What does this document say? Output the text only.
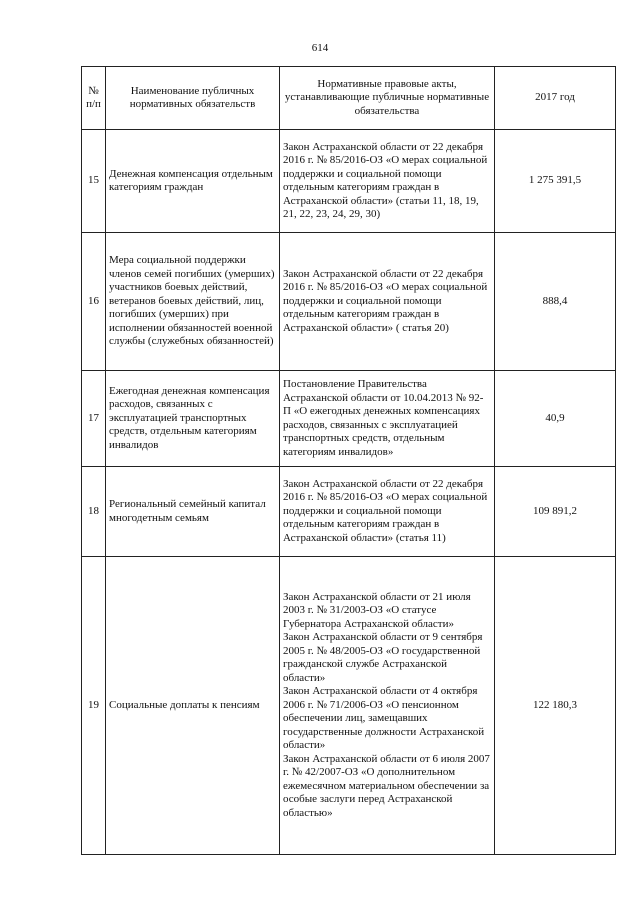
614
№ п/п	Наименование публичных нормативных обязательств	Нормативные правовые акты, устанавливающие публичные нормативные обязательства	2017 год
15	Денежная компенсация отдельным категориям граждан	Закон Астраханской области от 22 декабря 2016 г. № 85/2016-ОЗ «О мерах социальной поддержки и социальной помощи отдельным категориям граждан в Астраханской области» (статьи 11, 18, 19, 21, 22, 23, 24, 29, 30)	1 275 391,5
16	Мера социальной поддержки членов семей погибших (умерших) участников боевых действий, ветеранов боевых действий, лиц, погибших (умерших) при исполнении обязанностей военной службы (служебных обязанностей)	Закон Астраханской области от 22 декабря 2016 г. № 85/2016-ОЗ «О мерах социальной поддержки и социальной помощи отдельным категориям граждан в Астраханской области» ( статья 20)	888,4
17	Ежегодная денежная компенсация расходов, связанных с эксплуатацией транспортных средств, отдельным категориям инвалидов	Постановление Правительства Астраханской области от 10.04.2013 № 92-П «О ежегодных денежных компенсациях расходов, связанных с эксплуатацией транспортных средств, отдельным категориям инвалидов»	40,9
18	Региональный семейный капитал многодетным семьям	Закон Астраханской области от 22 декабря 2016 г. № 85/2016-ОЗ «О мерах социальной поддержки и социальной помощи отдельным категориям граждан в Астраханской области» (статья 11)	109 891,2
19	Социальные доплаты к пенсиям	Закон Астраханской области от 21 июля 2003 г. № 31/2003-ОЗ «О статусе Губернатора Астраханской области»
Закон Астраханской области от 9 сентября 2005 г. № 48/2005-ОЗ «О государственной гражданской службе Астраханской области»
Закон Астраханской области от 4 октября 2006 г. № 71/2006-ОЗ «О пенсионном обеспечении лиц, замещавших государственные должности Астраханской области»
Закон Астраханской области от 6 июля 2007 г. № 42/2007-ОЗ «О дополнительном ежемесячном материальном обеспечении за особые заслуги перед Астраханской областью»	122 180,3
